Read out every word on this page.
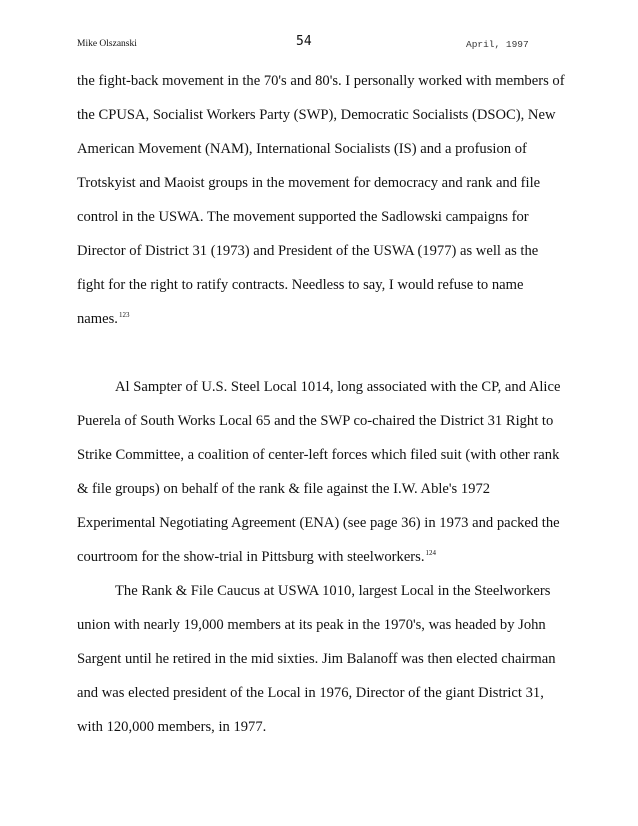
Mike Olszanski	54	April, 1997

the fight-back movement in the 70's and 80's. I personally worked with members of
the CPUSA, Socialist Workers Party (SWP), Democratic Socialists (DSOC), New
American Movement (NAM), International Socialists (IS) and a profusion of
Trotskyist and Maoist groups in the movement for democracy and rank and file
control in the USWA. The movement supported the Sadlowski campaigns for
Director of District 31 (1973) and President of the USWA (1977) as well as the
fight for the right to ratify contracts. Needless to say, I would refuse to name
names.$^{123}$

Al Sampter of U.S. Steel Local 1014, long associated with the CP, and Alice
Puerela of South Works Local 65 and the SWP co-chaired the District 31 Right to
Strike Committee, a coalition of center-left forces which filed suit (with other rank
& file groups) on behalf of the rank & file against the I.W. Able's 1972
Experimental Negotiating Agreement (ENA) (see page 36) in 1973 and packed the
courtroom for the show-trial in Pittsburg with steelworkers.$^{124}$

The Rank & File Caucus at USWA 1010, largest Local in the Steelworkers
union with nearly 19,000 members at its peak in the 1970's, was headed by John
Sargent until he retired in the mid sixties. Jim Balanoff was then elected chairman
and was elected president of the Local in 1976, Director of the giant District 31,
with 120,000 members, in 1977.
